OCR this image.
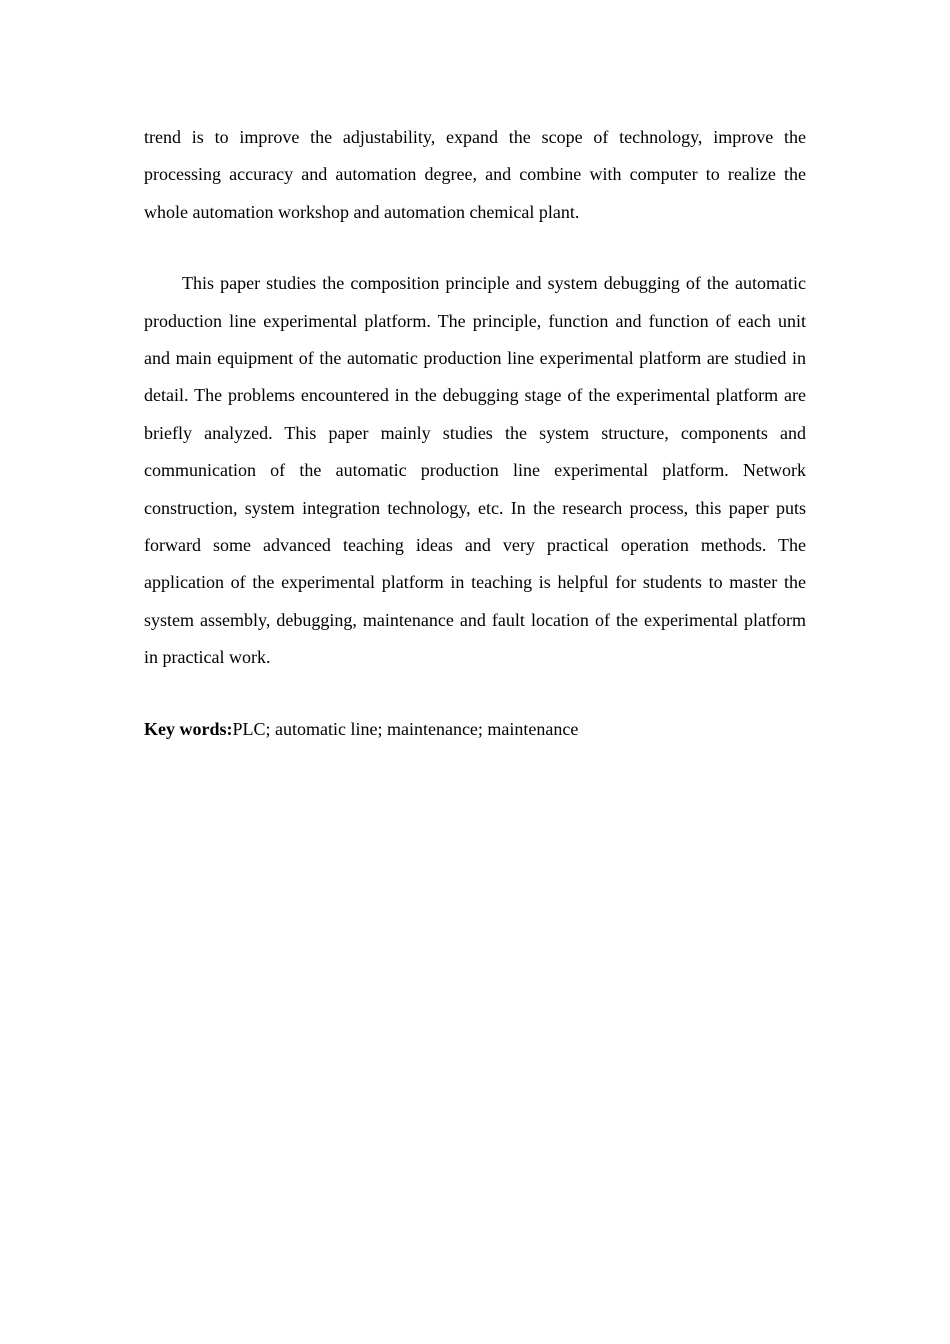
trend is to improve the adjustability, expand the scope of technology, improve the processing accuracy and automation degree, and combine with computer to realize the whole automation workshop and automation chemical plant.

This paper studies the composition principle and system debugging of the automatic production line experimental platform. The principle, function and function of each unit and main equipment of the automatic production line experimental platform are studied in detail. The problems encountered in the debugging stage of the experimental platform are briefly analyzed. This paper mainly studies the system structure, components and communication of the automatic production line experimental platform. Network construction, system integration technology, etc. In the research process, this paper puts forward some advanced teaching ideas and very practical operation methods. The application of the experimental platform in teaching is helpful for students to master the system assembly, debugging, maintenance and fault location of the experimental platform in practical work.

Key words:PLC; automatic line; maintenance; maintenance
